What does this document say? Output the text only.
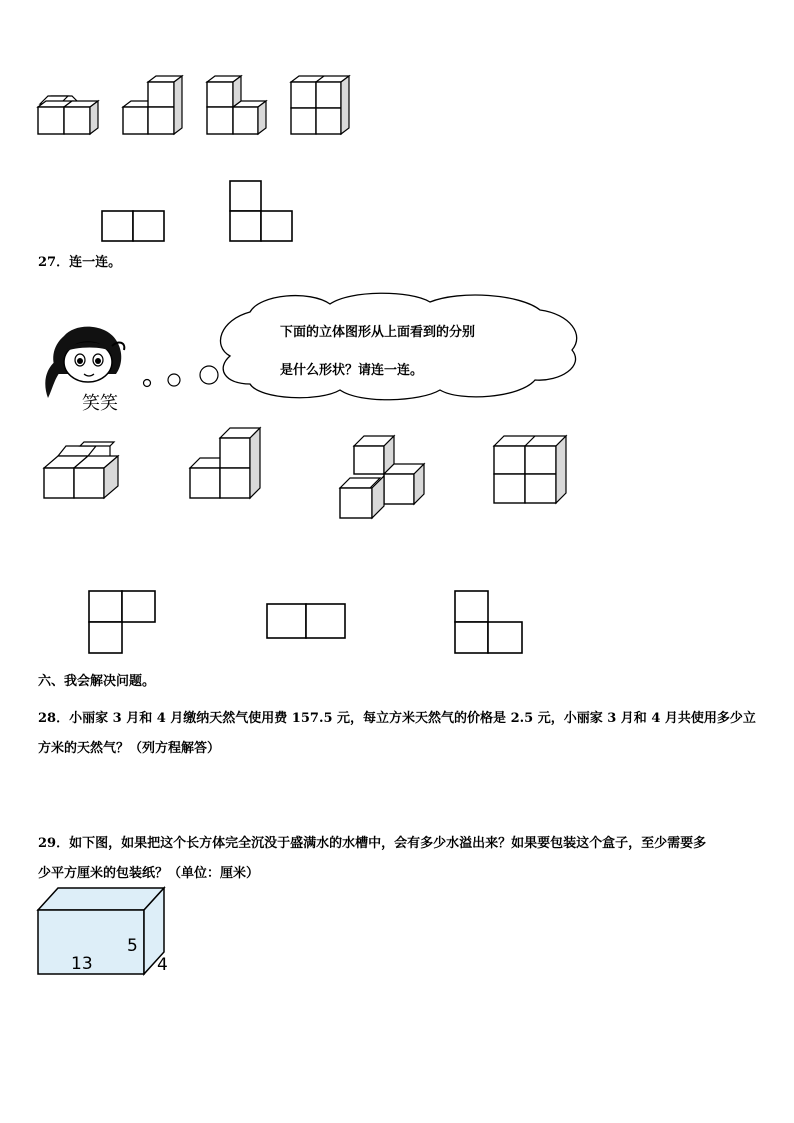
27．连一连。
笑笑
下面的立体图形从上面看到的分别
是什么形状？请连一连。
六、我会解决问题。
28．小丽家 3 月和 4 月缴纳天然气使用费 157.5 元，每立方米天然气的价格是 2.5 元，小丽家 3 月和 4 月共使用多少立
方米的天然气？（列方程解答）
29．如下图，如果把这个长方体完全沉没于盛满水的水槽中，会有多少水溢出来？如果要包装这个盒子，至少需要多
少平方厘米的包装纸？（单位：厘米）
13
5
4
